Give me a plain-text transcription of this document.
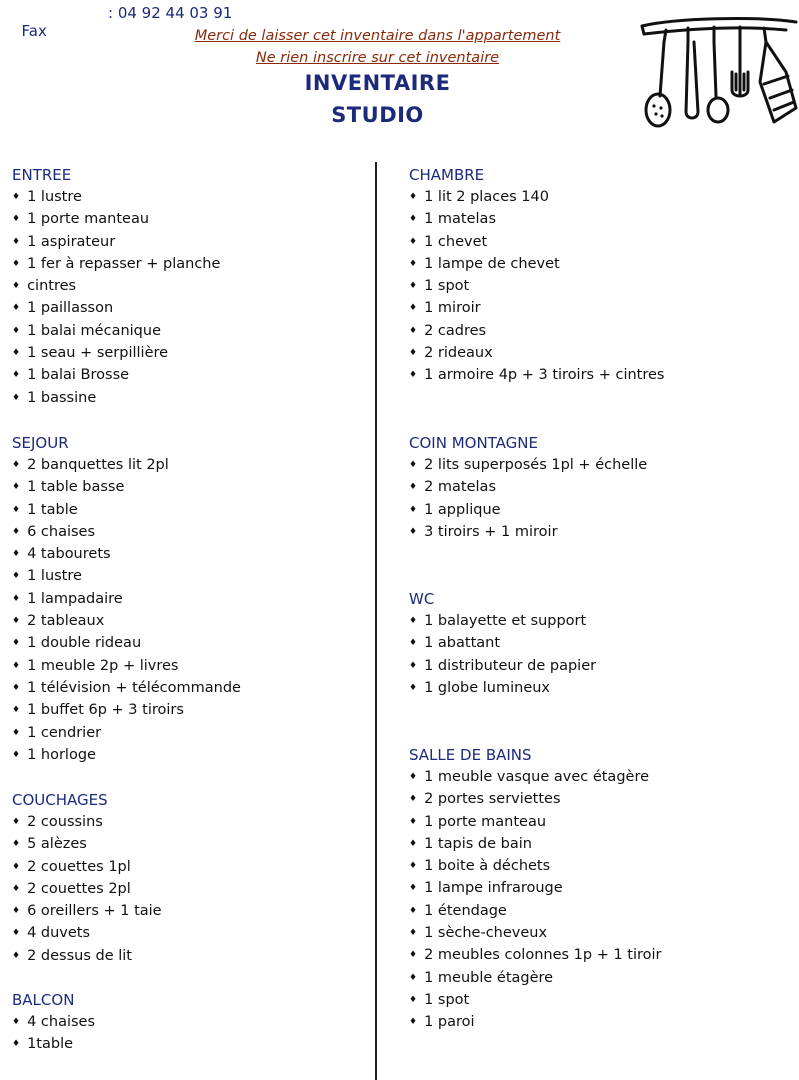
Fax

: 04 92 44 03 91

Merci de laisser cet inventaire dans l'appartement
Ne rien inscrire sur cet inventaire
INVENTAIRE
STUDIO
ENTREE
♦ 1 lustre
♦ 1 porte manteau
♦ 1 aspirateur
♦ 1 fer à repasser + planche
♦ cintres
♦ 1 paillasson
♦ 1 balai mécanique
♦ 1 seau + serpillière
♦ 1 balai Brosse
♦ 1 bassine
SEJOUR
♦ 2 banquettes lit 2pl
♦ 1 table basse
♦ 1 table
♦ 6 chaises
♦ 4 tabourets
♦ 1 lustre
♦ 1 lampadaire
♦ 2 tableaux
♦ 1 double rideau
♦ 1 meuble 2p + livres
♦ 1 télévision + télécommande
♦ 1 buffet 6p + 3 tiroirs
♦ 1 cendrier
♦ 1 horloge
COUCHAGES
♦ 2 coussins
♦ 5 alèzes
♦ 2 couettes 1pl
♦ 2 couettes 2pl
♦ 6 oreillers + 1 taie
♦ 4 duvets
♦ 2 dessus de lit
BALCON
♦ 4 chaises
♦ 1table
CHAMBRE
♦ 1 lit 2 places 140
♦ 1 matelas
♦ 1 chevet
♦ 1 lampe de chevet
♦ 1 spot
♦ 1 miroir
♦ 2 cadres
♦ 2 rideaux
♦ 1 armoire 4p + 3 tiroirs + cintres
COIN MONTAGNE
♦ 2 lits superposés 1pl + échelle
♦ 2 matelas
♦ 1 applique
♦ 3 tiroirs + 1 miroir
WC
♦ 1 balayette et support
♦ 1 abattant
♦ 1 distributeur de papier
♦ 1 globe lumineux
SALLE DE BAINS
♦ 1 meuble vasque avec étagère
♦ 2 portes serviettes
♦ 1 porte manteau
♦ 1 tapis de bain
♦ 1 boite à déchets
♦ 1 lampe infrarouge
♦ 1 étendage
♦ 1 sèche-cheveux
♦ 2 meubles colonnes 1p + 1 tiroir
♦ 1 meuble étagère
♦ 1 spot
♦ 1 paroi
